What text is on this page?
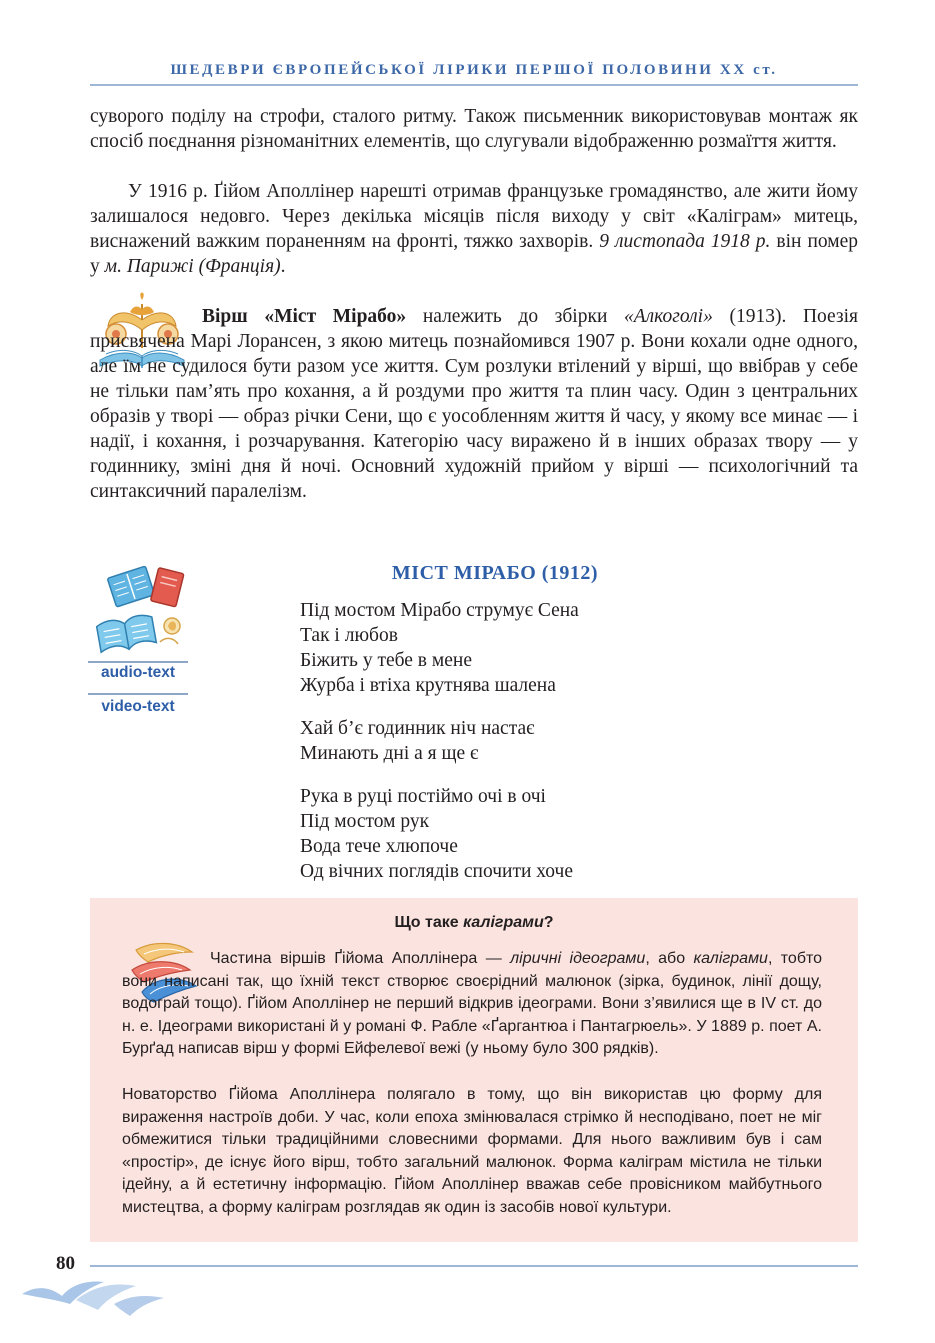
ШЕДЕВРИ ЄВРОПЕЙСЬКОЇ ЛІРИКИ ПЕРШОЇ ПОЛОВИНИ XX ст.

суворого поділу на строфи, сталого ритму. Також письменник використовував монтаж як спосіб поєднання різноманітних елементів, що слугували відображенню розмаїття життя.

У 1916 р. Ґійом Аполлінер нарешті отримав французьке громадянство, але жити йому залишалося недовго. Через декілька місяців після виходу у світ «Каліграм» митець, виснажений важким пораненням на фронті, тяжко захворів. 9 листопада 1918 р. він помер у м. Парижі (Франція).

Вірш «Міст Мірабо» належить до збірки «Алкоголі» (1913). Поезія присвячена Марі Лорансен, з якою митець познайомився 1907 р. Вони кохали одне одного, але їм не судилося бути разом усе життя. Сум розлуки втілений у вірші, що ввібрав у себе не тільки пам’ять про кохання, а й роздуми про життя та плин часу. Один з центральних образів у творі — образ річки Сени, що є уособленням життя й часу, у якому все минає — і надії, і кохання, і розчарування. Категорію часу виражено й в інших образах твору — у годиннику, зміні дня й ночі. Основний художній прийом у вірші — психологічний та синтаксичний паралелізм.

audio-text
video-text
МІСТ МІРАБО (1912)
Під мостом Мірабо струмує Сена
Так і любов
Біжить у тебе в мене
Журба і втіха крутнява шалена
Хай б’є годинник ніч настає
Минають дні а я ще є
Рука в руці постіймо очі в очі
Під мостом рук
Вода тече хлюпоче
Од вічних поглядів спочити хоче
Що таке каліграми?

Частина віршів Ґійома Аполлінера — ліричні ідеограми, або каліграми, тобто вони написані так, що їхній текст створює своєрідний малюнок (зірка, будинок, лінії дощу, водограй тощо). Ґійом Аполлінер не перший відкрив ідеограми. Вони з’явилися ще в IV ст. до н. е. Ідеограми використані й у романі Ф. Рабле «Ґаргантюа і Пантагрюель». У 1889 р. поет А. Бурґад написав вірш у формі Ейфелевої вежі (у ньому було 300 рядків).

Новаторство Ґійома Аполлінера полягало в тому, що він використав цю форму для вираження настроїв доби. У час, коли епоха змінювалася стрімко й несподівано, поет не міг обмежитися тільки традиційними словесними формами. Для нього важливим був і сам «простір», де існує його вірш, тобто загальний малюнок. Форма каліграм містила не тільки ідейну, а й естетичну інформацію. Ґійом Аполлінер вважав себе провісником майбутнього мистецтва, а форму каліграм розглядав як один із засобів нової культури.

80
